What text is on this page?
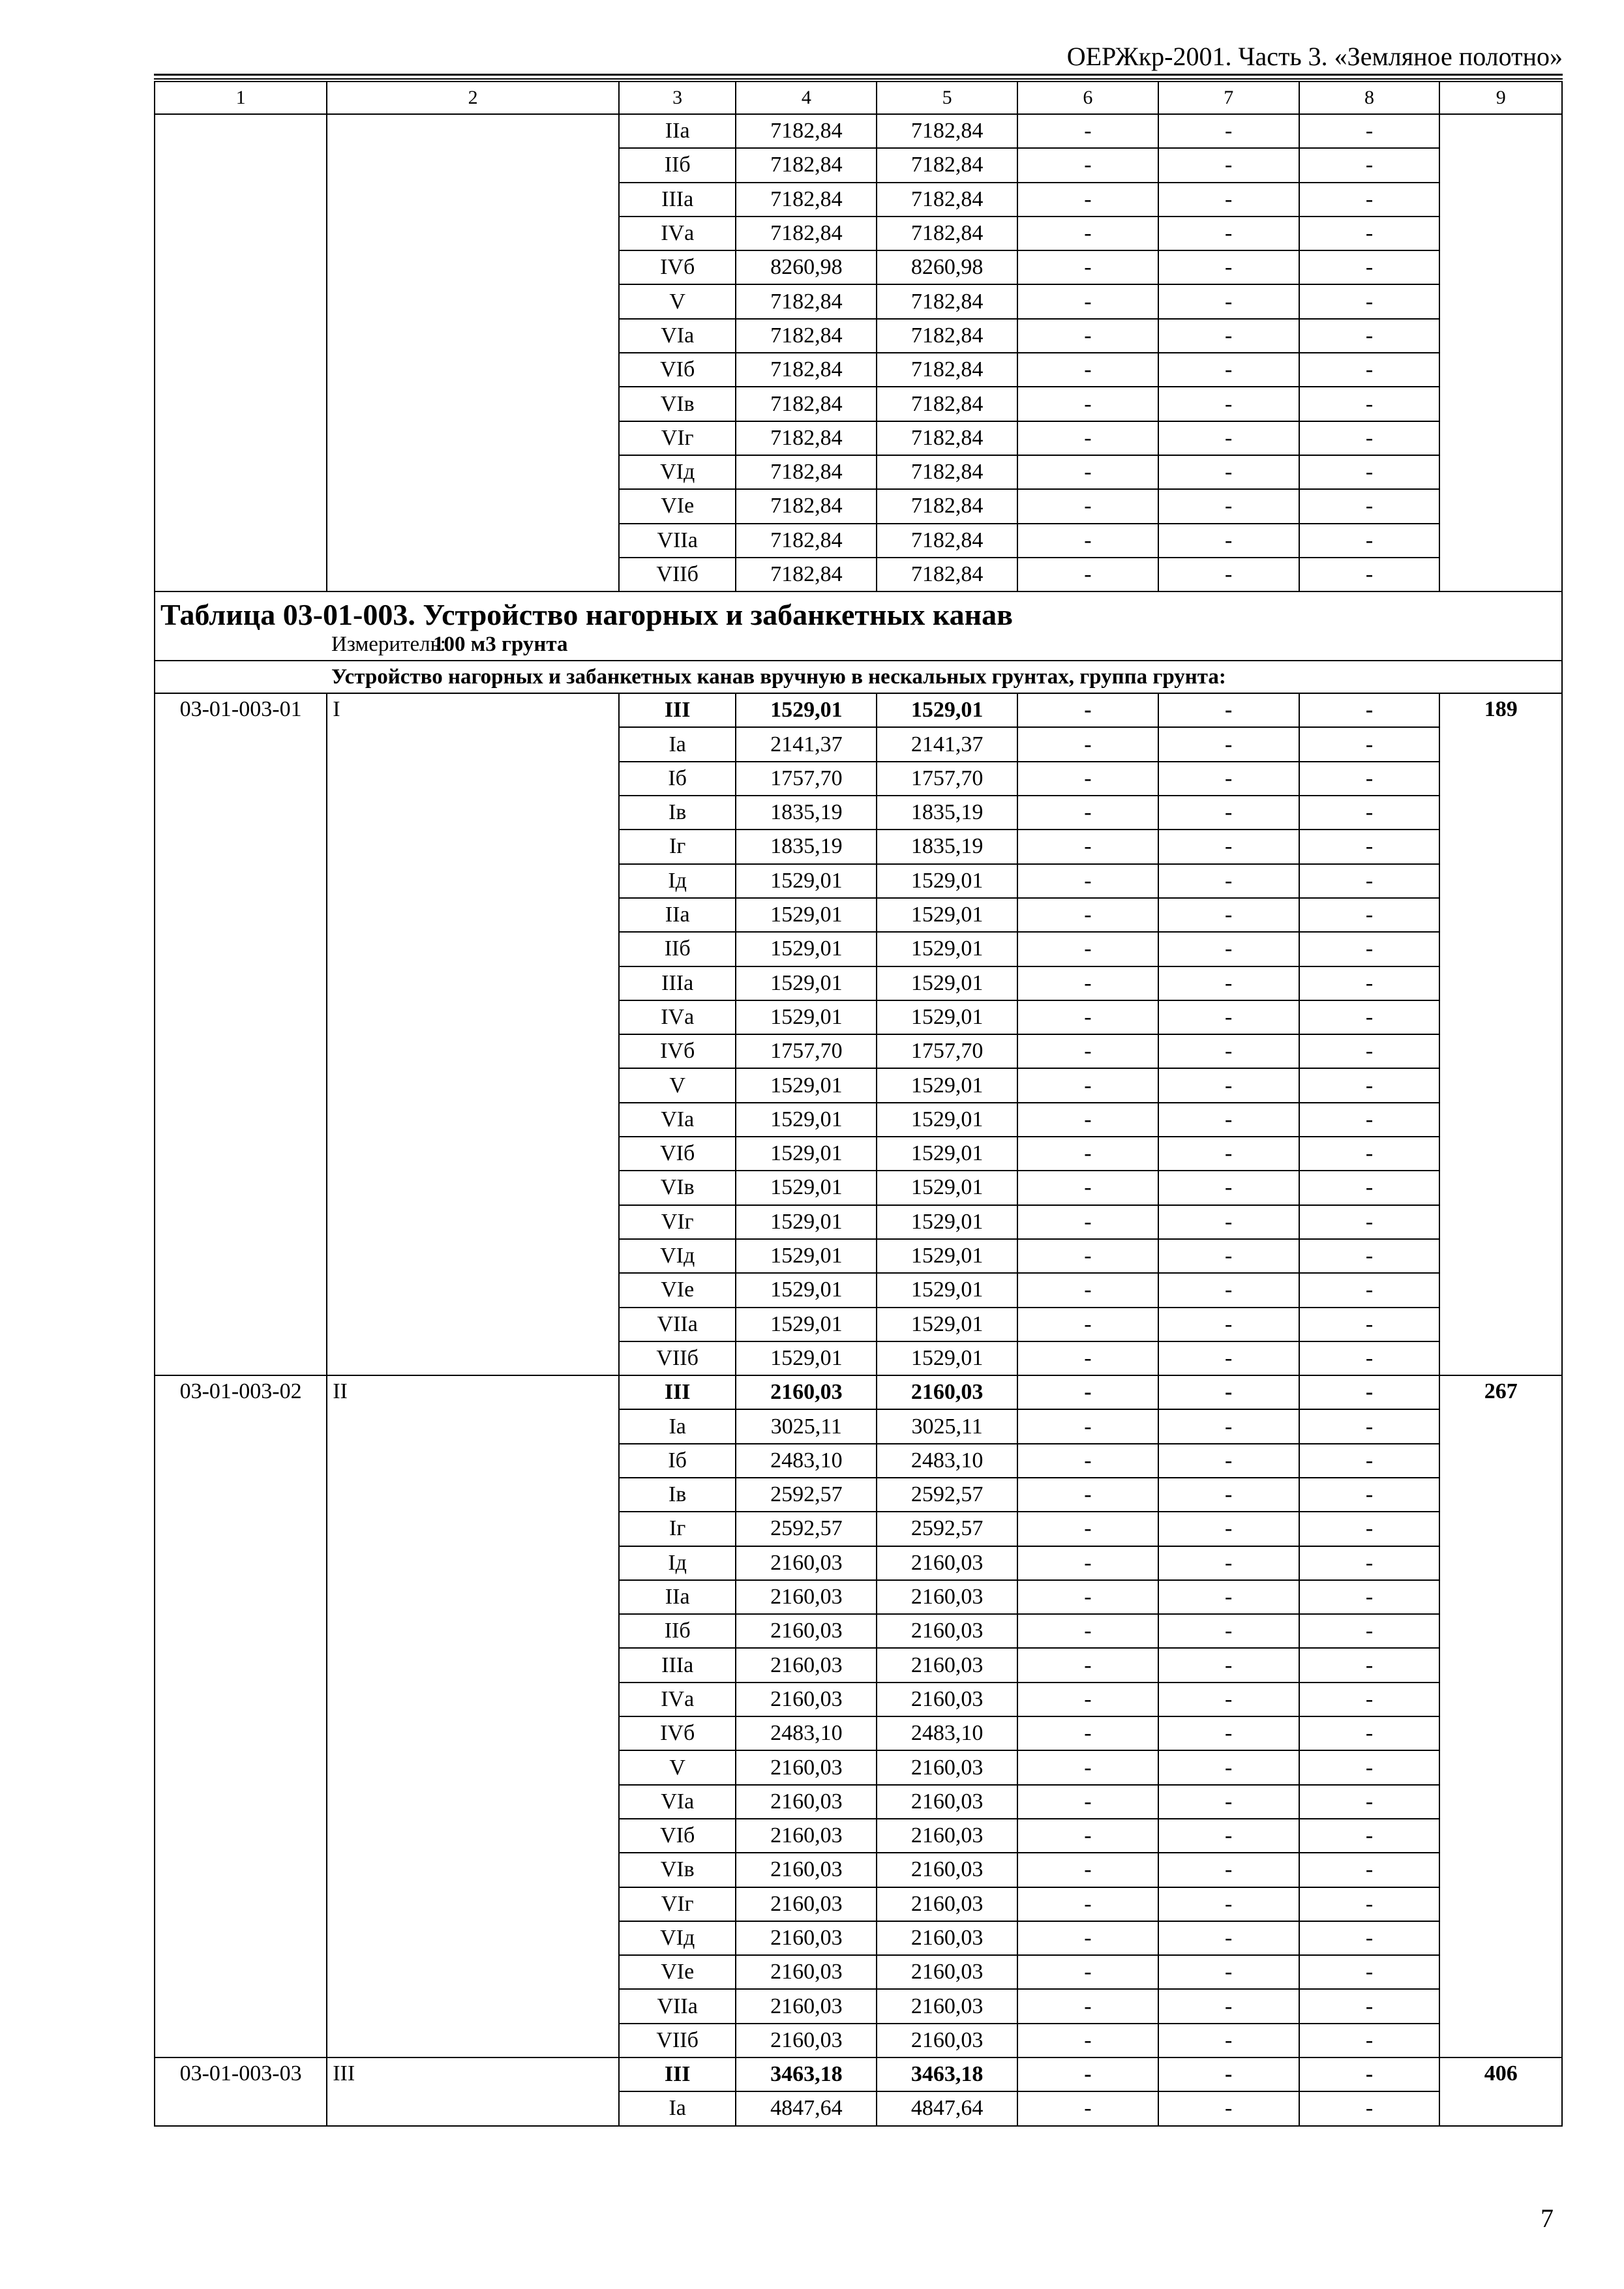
ОЕРЖкр-2001. Часть 3. «Земляное полотно»
1	2	3	4	5	6	7	8	9
		IIа	7182,84	7182,84	-	-	-	
		IIб	7182,84	7182,84	-	-	-	
		IIIа	7182,84	7182,84	-	-	-	
		IVа	7182,84	7182,84	-	-	-	
		IVб	8260,98	8260,98	-	-	-	
		V	7182,84	7182,84	-	-	-	
		VIа	7182,84	7182,84	-	-	-	
		VIб	7182,84	7182,84	-	-	-	
		VIв	7182,84	7182,84	-	-	-	
		VIг	7182,84	7182,84	-	-	-	
		VIд	7182,84	7182,84	-	-	-	
		VIе	7182,84	7182,84	-	-	-	
		VIIа	7182,84	7182,84	-	-	-	
		VIIб	7182,84	7182,84	-	-	-	
Таблица 03-01-003. Устройство нагорных и забанкетных канав								
Измеритель:100 м3 грунта								
Устройство нагорных и забанкетных канав вручную в нескальных грунтах, группа грунта:								
03-01-003-01	I	III	1529,01	1529,01	-	-	-	189
		Iа	2141,37	2141,37	-	-	-	
		Iб	1757,70	1757,70	-	-	-	
		Iв	1835,19	1835,19	-	-	-	
		Iг	1835,19	1835,19	-	-	-	
		Iд	1529,01	1529,01	-	-	-	
		IIа	1529,01	1529,01	-	-	-	
		IIб	1529,01	1529,01	-	-	-	
		IIIа	1529,01	1529,01	-	-	-	
		IVа	1529,01	1529,01	-	-	-	
		IVб	1757,70	1757,70	-	-	-	
		V	1529,01	1529,01	-	-	-	
		VIа	1529,01	1529,01	-	-	-	
		VIб	1529,01	1529,01	-	-	-	
		VIв	1529,01	1529,01	-	-	-	
		VIг	1529,01	1529,01	-	-	-	
		VIд	1529,01	1529,01	-	-	-	
		VIе	1529,01	1529,01	-	-	-	
		VIIа	1529,01	1529,01	-	-	-	
		VIIб	1529,01	1529,01	-	-	-	
03-01-003-02	II	III	2160,03	2160,03	-	-	-	267
		Iа	3025,11	3025,11	-	-	-	
		Iб	2483,10	2483,10	-	-	-	
		Iв	2592,57	2592,57	-	-	-	
		Iг	2592,57	2592,57	-	-	-	
		Iд	2160,03	2160,03	-	-	-	
		IIа	2160,03	2160,03	-	-	-	
		IIб	2160,03	2160,03	-	-	-	
		IIIа	2160,03	2160,03	-	-	-	
		IVа	2160,03	2160,03	-	-	-	
		IVб	2483,10	2483,10	-	-	-	
		V	2160,03	2160,03	-	-	-	
		VIа	2160,03	2160,03	-	-	-	
		VIб	2160,03	2160,03	-	-	-	
		VIв	2160,03	2160,03	-	-	-	
		VIг	2160,03	2160,03	-	-	-	
		VIд	2160,03	2160,03	-	-	-	
		VIе	2160,03	2160,03	-	-	-	
		VIIа	2160,03	2160,03	-	-	-	
		VIIб	2160,03	2160,03	-	-	-	
03-01-003-03	III	III	3463,18	3463,18	-	-	-	406
		Iа	4847,64	4847,64	-	-	-	
7
